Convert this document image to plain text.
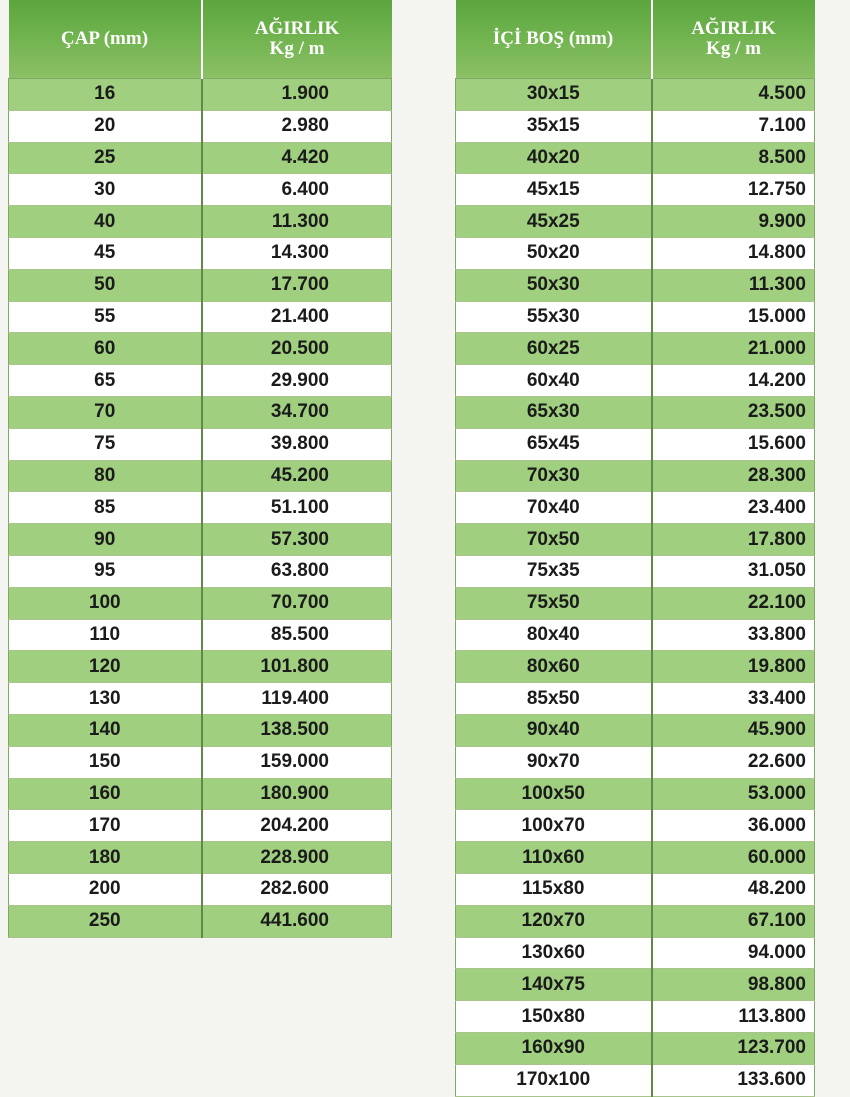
ÇAP (mm)	AĞIRLIK
Kg / m

16	1.900
20	2.980
25	4.420
30	6.400
40	11.300
45	14.300
50	17.700
55	21.400
60	20.500
65	29.900
70	34.700
75	39.800
80	45.200
85	51.100
90	57.300
95	63.800
100	70.700
110	85.500
120	101.800
130	119.400
140	138.500
150	159.000
160	180.900
170	204.200
180	228.900
200	282.600
250	441.600
İÇİ BOŞ (mm)	AĞIRLIK
Kg / m

30x15	4.500
35x15	7.100
40x20	8.500
45x15	12.750
45x25	9.900
50x20	14.800
50x30	11.300
55x30	15.000
60x25	21.000
60x40	14.200
65x30	23.500
65x45	15.600
70x30	28.300
70x40	23.400
70x50	17.800
75x35	31.050
75x50	22.100
80x40	33.800
80x60	19.800
85x50	33.400
90x40	45.900
90x70	22.600
100x50	53.000
100x70	36.000
110x60	60.000
115x80	48.200
120x70	67.100
130x60	94.000
140x75	98.800
150x80	113.800
160x90	123.700
170x100	133.600
